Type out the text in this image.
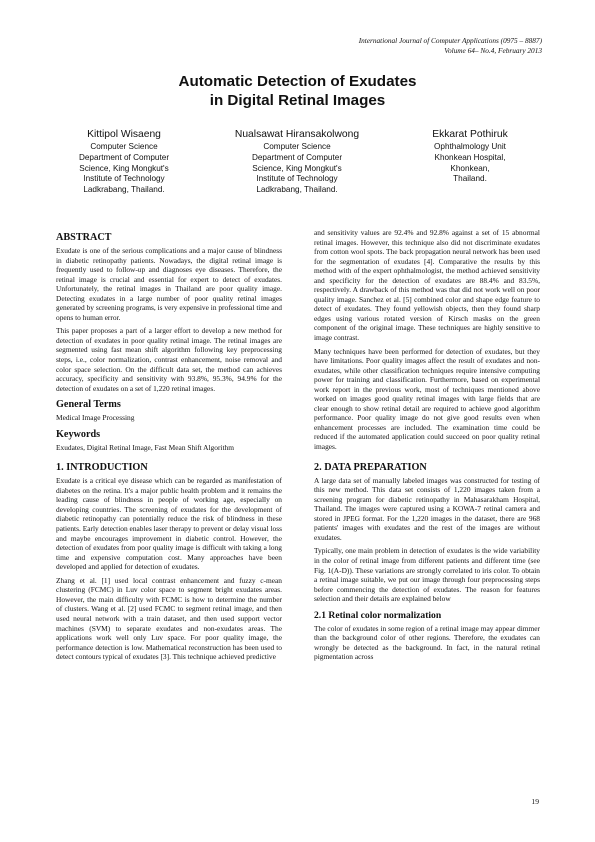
International Journal of Computer Applications (0975 – 8887)
Volume 64– No.4, February 2013
Automatic Detection of Exudates
in Digital Retinal Images
Kittipol Wisaeng
Computer Science
Department of Computer
Science, King Mongkut's
Institute of Technology
Ladkrabang, Thailand.
Nualsawat Hiransakolwong
Computer Science
Department of Computer
Science, King Mongkut's
Institute of Technology
Ladkrabang, Thailand.
Ekkarat Pothiruk
Ophthalmology Unit
Khonkean Hospital,
Khonkean,
Thailand.
ABSTRACT

Exudate is one of the serious complications and a major cause of blindness in diabetic retinopathy patients. Nowadays, the digital retinal image is frequently used to follow-up and diagnoses eye diseases. Therefore, the retinal image is crucial and essential for expert to detect of exudates. Unfortunately, the retinal images in Thailand are poor quality image. Detecting exudates in a large number of poor quality retinal images generated by screening programs, is very expensive in professional time and opens to human error.

This paper proposes a part of a larger effort to develop a new method for detection of exudates in poor quality retinal image. The retinal images are segmented using fast mean shift algorithm following key preprocessing steps, i.e., color normalization, contrast enhancement, noise removal and color space selection. On the difficult data set, the method can achieves accuracy, specificity and sensitivity with 93.8%, 95.3%, 94.9% for the detection of exudates on a set of 1,220 retinal images.

General Terms

Medical Image Processing

Keywords

Exudates, Digital Retinal Image, Fast Mean Shift Algorithm

1. INTRODUCTION

Exudate is a critical eye disease which can be regarded as manifestation of diabetes on the retina. It's a major public health problem and it remains the leading cause of blindness in people of working age, especially on developing countries. The screening of exudates for the development of diabetic retinopathy can potentially reduce the risk of blindness in these patients. Early detection enables laser therapy to prevent or delay visual loss and maybe encourages improvement in diabetic control. However, the detection of exudates from poor quality image is difficult with taking a long time and expensive computation cost. Many approaches have been developed and applied for detection of exudates.

Zhang et al. [1] used local contrast enhancement and fuzzy c-mean clustering (FCMC) in Luv color space to segment bright exudates areas. However, the main difficulty with FCMC is how to determine the number of clusters. Wang et al. [2] used FCMC to segment retinal image, and then used neural network with a train dataset, and then used support vector machines (SVM) to separate exudates and non-exudates areas. The applications work well only Luv space. For poor quality image, the performance detection is low. Mathematical reconstruction has been used to detect contours typical of exudates [3]. This technique achieved predictive

and sensitivity values are 92.4% and 92.8% against a set of 15 abnormal retinal images. However, this technique also did not discriminate exudates from cotton wool spots. The back propagation neural network has been used for the segmentation of exudates [4]. Comparative the results by this method with of the expert ophthalmologist, the method achieved sensitivity and specificity for the detection of exudates are 88.4% and 83.5%, respectively. A drawback of this method was that did not work well on poor quality image. Sanchez et al. [5] combined color and shape edge feature to detect of exudates. They found yellowish objects, then they found sharp edges using various rotated version of Kirsch masks on the green component of the original image. These techniques are highly sensitive to image contrast.

Many techniques have been performed for detection of exudates, but they have limitations. Poor quality images affect the result of exudates and non-exudates, while other classification techniques require intensive computing power for training and classification. Furthermore, based on experimental work report in the previous work, most of techniques mentioned above worked on images good quality retinal images with large fields that are clear enough to show retinal detail are required to achieve good algorithm performance. Poor quality image do not give good results even when enhancement processes are included. The examination time could be reduced if the automated application could succeed on poor quality retinal images.

2. DATA PREPARATION

A large data set of manually labeled images was constructed for testing of this new method. This data set consists of 1,220 images taken from a screening program for diabetic retinopathy in Mahasarakham Hospital, Thailand. The images were captured using a KOWA-7 retinal camera and stored in JPEG format. For the 1,220 images in the dataset, there are 968 patients' images with exudates and the rest of the images are without exudates.

Typically, one main problem in detection of exudates is the wide variability in the color of retinal image from different patients and different time (see Fig. 1(A-D)). These variations are strongly correlated to iris color. To obtain a retinal image suitable, we put our image through four preprocessing steps before commencing the detection of exudates. The reason for features selection and their details are explained below

2.1 Retinal color normalization

The color of exudates in some region of a retinal image may appear dimmer than the background color of other regions. Therefore, the exudates can wrongly be detected as the background. In fact, in the natural retinal pigmentation across

19
